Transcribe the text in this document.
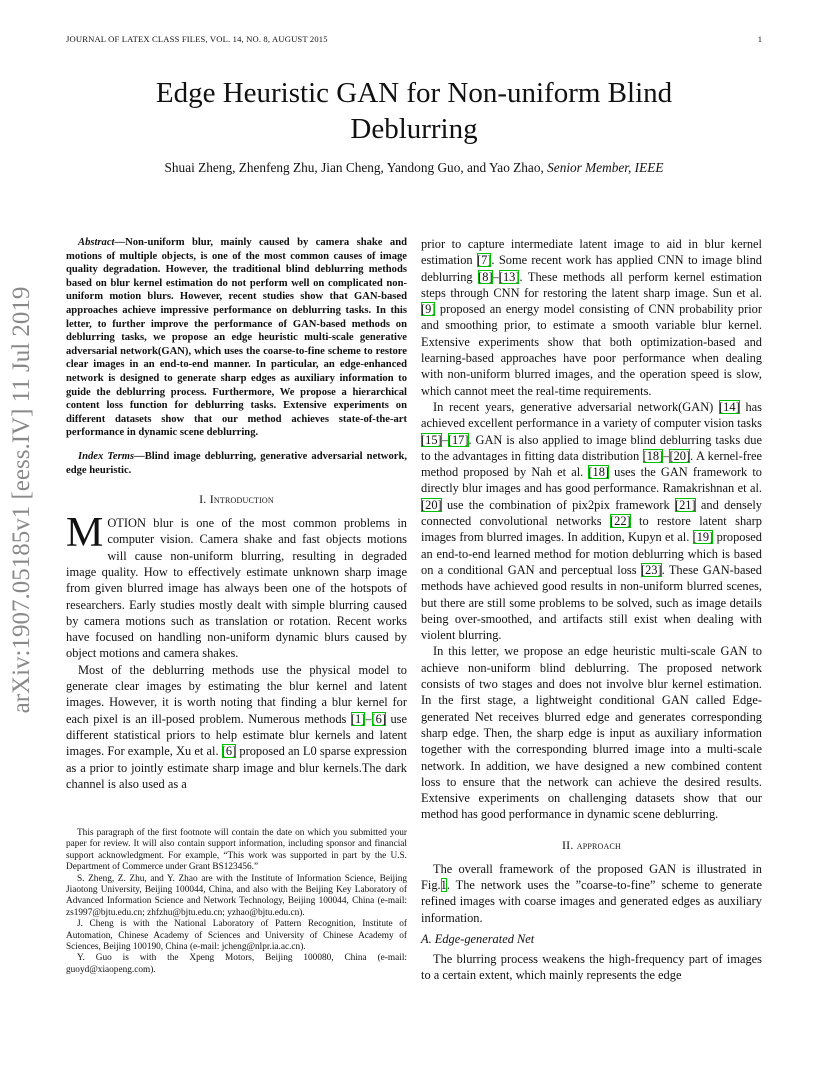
JOURNAL OF LATEX CLASS FILES, VOL. 14, NO. 8, AUGUST 2015	1
arXiv:1907.05185v1 [eess.IV] 11 Jul 2019
Edge Heuristic GAN for Non-uniform Blind Deblurring
Shuai Zheng, Zhenfeng Zhu, Jian Cheng, Yandong Guo, and Yao Zhao, Senior Member, IEEE

Abstract—Non-uniform blur, mainly caused by camera shake and motions of multiple objects, is one of the most common causes of image quality degradation. However, the traditional blind deblurring methods based on blur kernel estimation do not perform well on complicated non-uniform motion blurs. However, recent studies show that GAN-based approaches achieve impressive performance on deblurring tasks. In this letter, to further improve the performance of GAN-based methods on deblurring tasks, we propose an edge heuristic multi-scale generative adversarial network(GAN), which uses the coarse-to-fine scheme to restore clear images in an end-to-end manner. In particular, an edge-enhanced network is designed to generate sharp edges as auxiliary information to guide the deblurring process. Furthermore, We propose a hierarchical content loss function for deblurring tasks. Extensive experiments on different datasets show that our method achieves state-of-the-art performance in dynamic scene deblurring.

Index Terms—Blind image deblurring, generative adversarial network, edge heuristic.

I. Introduction

MOTION blur is one of the most common problems in computer vision. Camera shake and fast objects motions will cause non-uniform blurring, resulting in degraded image quality. How to effectively estimate unknown sharp image from given blurred image has always been one of the hotspots of researchers. Early studies mostly dealt with simple blurring caused by camera motions such as translation or rotation. Recent works have focused on handling non-uniform dynamic blurs caused by object motions and camera shakes.

Most of the deblurring methods use the physical model to generate clear images by estimating the blur kernel and latent images. However, it is worth noting that finding a blur kernel for each pixel is an ill-posed problem. Numerous methods [1]–[6] use different statistical priors to help estimate blur kernels and latent images. For example, Xu et al. [6] proposed an L0 sparse expression as a prior to jointly estimate sharp image and blur kernels.The dark channel is also used as a

This paragraph of the first footnote will contain the date on which you submitted your paper for review. It will also contain support information, including sponsor and financial support acknowledgment. For example, “This work was supported in part by the U.S. Department of Commerce under Grant BS123456.”

S. Zheng, Z. Zhu, and Y. Zhao are with the Institute of Information Science, Beijing Jiaotong University, Beijing 100044, China, and also with the Beijing Key Laboratory of Advanced Information Science and Network Technology, Beijing 100044, China (e-mail: zs1997@bjtu.edu.cn; zhfzhu@bjtu.edu.cn; yzhao@bjtu.edu.cn).

J. Cheng is with the National Laboratory of Pattern Recognition, Institute of Automation, Chinese Academy of Sciences and University of Chinese Academy of Sciences, Beijing 100190, China (e-mail: jcheng@nlpr.ia.ac.cn).

Y. Guo is with the Xpeng Motors, Beijing 100080, China (e-mail: guoyd@xiaopeng.com).

prior to capture intermediate latent image to aid in blur kernel estimation [7]. Some recent work has applied CNN to image blind deblurring [8]–[13]. These methods all perform kernel estimation steps through CNN for restoring the latent sharp image. Sun et al. [9] proposed an energy model consisting of CNN probability prior and smoothing prior, to estimate a smooth variable blur kernel. Extensive experiments show that both optimization-based and learning-based approaches have poor performance when dealing with non-uniform blurred images, and the operation speed is slow, which cannot meet the real-time requirements.

In recent years, generative adversarial network(GAN) [14] has achieved excellent performance in a variety of computer vision tasks [15]–[17]. GAN is also applied to image blind deblurring tasks due to the advantages in fitting data distribution [18]–[20]. A kernel-free method proposed by Nah et al. [18] uses the GAN framework to directly blur images and has good performance. Ramakrishnan et al. [20] use the combination of pix2pix framework [21] and densely connected convolutional networks [22] to restore latent sharp images from blurred images. In addition, Kupyn et al. [19] proposed an end-to-end learned method for motion deblurring which is based on a conditional GAN and perceptual loss [23]. These GAN-based methods have achieved good results in non-uniform blurred scenes, but there are still some problems to be solved, such as image details being over-smoothed, and artifacts still exist when dealing with violent blurring.

In this letter, we propose an edge heuristic multi-scale GAN to achieve non-uniform blind deblurring. The proposed network consists of two stages and does not involve blur kernel estimation. In the first stage, a lightweight conditional GAN called Edge-generated Net receives blurred edge and generates corresponding sharp edge. Then, the sharp edge is input as auxiliary information together with the corresponding blurred image into a multi-scale network. In addition, we have designed a new combined content loss to ensure that the network can achieve the desired results. Extensive experiments on challenging datasets show that our method has good performance in dynamic scene deblurring.

II. approach

The overall framework of the proposed GAN is illustrated in Fig.1. The network uses the ”coarse-to-fine” scheme to generate refined images with coarse images and generated edges as auxiliary information.

A. Edge-generated Net

The blurring process weakens the high-frequency part of images to a certain extent, which mainly represents the edge
